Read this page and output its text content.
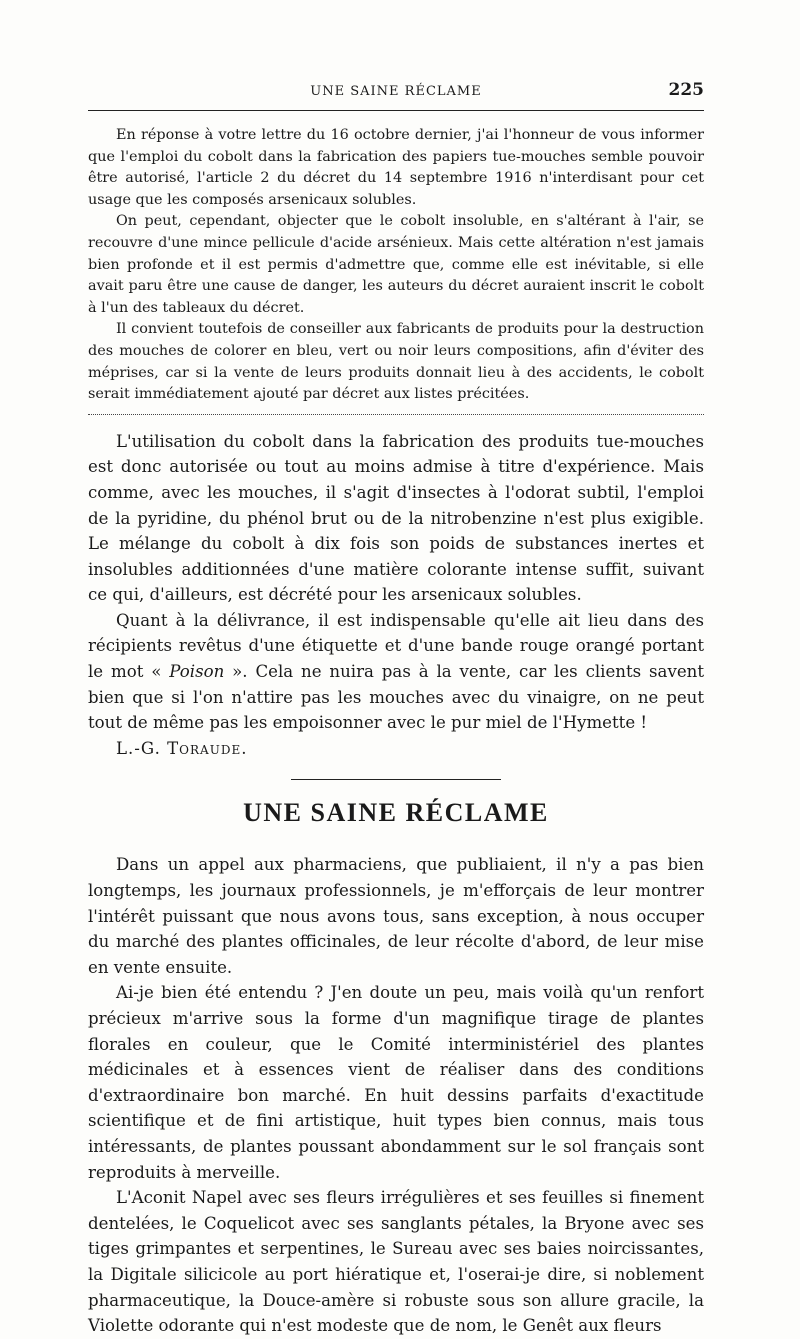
UNE SAINE RÉCLAME	225

En réponse à votre lettre du 16 octobre dernier, j'ai l'honneur de vous informer que l'emploi du cobolt dans la fabrication des papiers tue-mouches semble pouvoir être autorisé, l'article 2 du décret du 14 septembre 1916 n'interdisant pour cet usage que les composés arsenicaux solubles.

On peut, cependant, objecter que le cobolt insoluble, en s'altérant à l'air, se recouvre d'une mince pellicule d'acide arsénieux. Mais cette altération n'est jamais bien profonde et il est permis d'admettre que, comme elle est inévitable, si elle avait paru être une cause de danger, les auteurs du décret auraient inscrit le cobolt à l'un des tableaux du décret.

Il convient toutefois de conseiller aux fabricants de produits pour la destruction des mouches de colorer en bleu, vert ou noir leurs compositions, afin d'éviter des méprises, car si la vente de leurs produits donnait lieu à des accidents, le cobolt serait immédiatement ajouté par décret aux listes précitées.

L'utilisation du cobolt dans la fabrication des produits tue-mouches est donc autorisée ou tout au moins admise à titre d'expérience. Mais comme, avec les mouches, il s'agit d'insectes à l'odorat subtil, l'emploi de la pyridine, du phénol brut ou de la nitrobenzine n'est plus exigible. Le mélange du cobolt à dix fois son poids de substances inertes et insolubles additionnées d'une matière colorante intense suffit, suivant ce qui, d'ailleurs, est décrété pour les arsenicaux solubles.

Quant à la délivrance, il est indispensable qu'elle ait lieu dans des récipients revêtus d'une étiquette et d'une bande rouge orangé portant le mot « Poison ». Cela ne nuira pas à la vente, car les clients savent bien que si l'on n'attire pas les mouches avec du vinaigre, on ne peut tout de même pas les empoisonner avec le pur miel de l'Hymette !

L.-G. Toraude.

UNE SAINE RÉCLAME

Dans un appel aux pharmaciens, que publiaient, il n'y a pas bien longtemps, les journaux professionnels, je m'efforçais de leur montrer l'intérêt puissant que nous avons tous, sans exception, à nous occuper du marché des plantes officinales, de leur récolte d'abord, de leur mise en vente ensuite.

Ai-je bien été entendu ? J'en doute un peu, mais voilà qu'un renfort précieux m'arrive sous la forme d'un magnifique tirage de plantes florales en couleur, que le Comité interministériel des plantes médicinales et à essences vient de réaliser dans des conditions d'extraordinaire bon marché. En huit dessins parfaits d'exactitude scientifique et de fini artistique, huit types bien connus, mais tous intéressants, de plantes poussant abondamment sur le sol français sont reproduits à merveille.

L'Aconit Napel avec ses fleurs irrégulières et ses feuilles si finement dentelées, le Coquelicot avec ses sanglants pétales, la Bryone avec ses tiges grimpantes et serpentines, le Sureau avec ses baies noircissantes, la Digitale silicicole au port hiératique et, l'oserai-je dire, si noblement pharmaceutique, la Douce-amère si robuste sous son allure gracile, la Violette odorante qui n'est modeste que de nom, le Genêt aux fleurs
